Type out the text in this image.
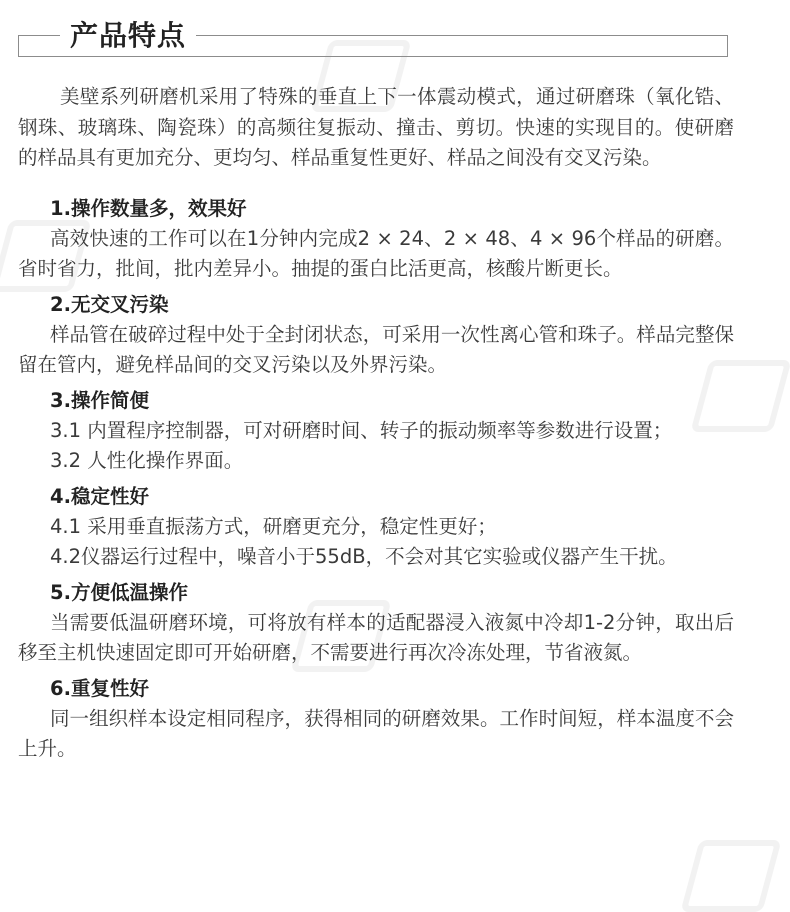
产品特点

美壁系列研磨机采用了特殊的垂直上下一体震动模式，通过研磨珠（氧化锆、钢珠、玻璃珠、陶瓷珠）的高频往复振动、撞击、剪切。快速的实现目的。使研磨的样品具有更加充分、更均匀、样品重复性更好、样品之间没有交叉污染。

1.操作数量多，效果好

高效快速的工作可以在1分钟内完成2 × 24、2 × 48、4 × 96个样品的研磨。省时省力，批间，批内差异小。抽提的蛋白比活更高，核酸片断更长。

2.无交叉污染

样品管在破碎过程中处于全封闭状态，可采用一次性离心管和珠子。样品完整保留在管内，避免样品间的交叉污染以及外界污染。

3.操作简便

3.1 内置程序控制器，可对研磨时间、转子的振动频率等参数进行设置；

3.2 人性化操作界面。

4.稳定性好

4.1 采用垂直振荡方式，研磨更充分，稳定性更好；

4.2仪器运行过程中，噪音小于55dB，不会对其它实验或仪器产生干扰。

5.方便低温操作

当需要低温研磨环境，可将放有样本的适配器浸入液氮中冷却1-2分钟，取出后移至主机快速固定即可开始研磨，不需要进行再次冷冻处理，节省液氮。

6.重复性好

同一组织样本设定相同程序，获得相同的研磨效果。工作时间短，样本温度不会上升。
